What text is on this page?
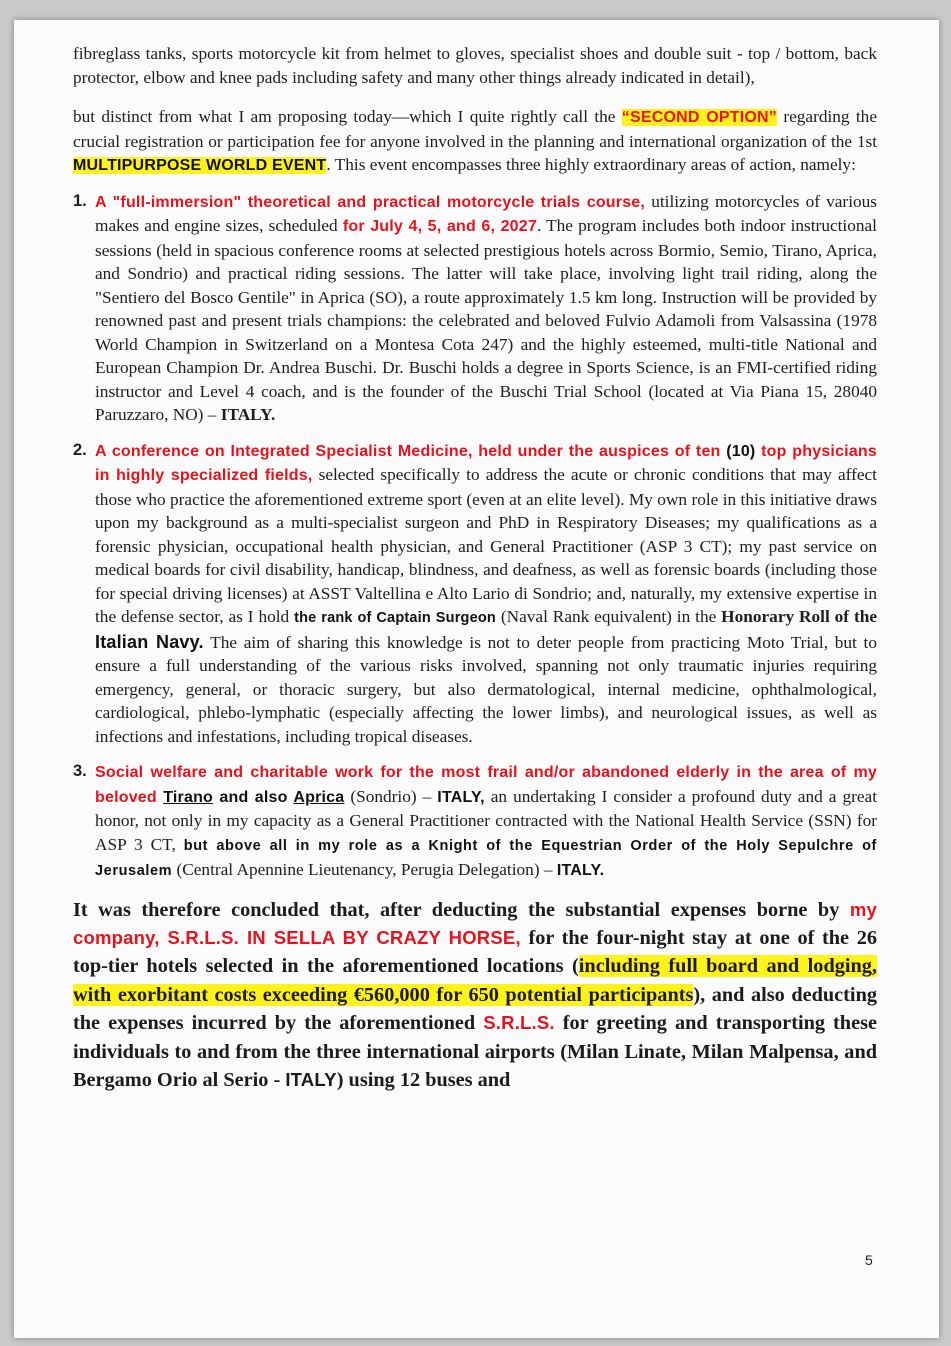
fibreglass tanks, sports motorcycle kit from helmet to gloves, specialist shoes and double suit - top / bottom, back protector, elbow and knee pads including safety and many other things already indicated in detail),

but distinct from what I am proposing today—which I quite rightly call the “SECOND OPTION” regarding the crucial registration or participation fee for anyone involved in the planning and international organization of the 1st MULTIPURPOSE WORLD EVENT. This event encompasses three highly extraordinary areas of action, namely:

1. A "full-immersion" theoretical and practical motorcycle trials course, utilizing motorcycles of various makes and engine sizes, scheduled for July 4, 5, and 6, 2027. The program includes both indoor instructional sessions (held in spacious conference rooms at selected prestigious hotels across Bormio, Semio, Tirano, Aprica, and Sondrio) and practical riding sessions. The latter will take place, involving light trail riding, along the "Sentiero del Bosco Gentile" in Aprica (SO), a route approximately 1.5 km long. Instruction will be provided by renowned past and present trials champions: the celebrated and beloved Fulvio Adamoli from Valsassina (1978 World Champion in Switzerland on a Montesa Cota 247) and the highly esteemed, multi-title National and European Champion Dr. Andrea Buschi. Dr. Buschi holds a degree in Sports Science, is an FMI-certified riding instructor and Level 4 coach, and is the founder of the Buschi Trial School (located at Via Piana 15, 28040 Paruzzaro, NO) – ITALY.
2. A conference on Integrated Specialist Medicine, held under the auspices of ten (10) top physicians in highly specialized fields, selected specifically to address the acute or chronic conditions that may affect those who practice the aforementioned extreme sport (even at an elite level). My own role in this initiative draws upon my background as a multi-specialist surgeon and PhD in Respiratory Diseases; my qualifications as a forensic physician, occupational health physician, and General Practitioner (ASP 3 CT); my past service on medical boards for civil disability, handicap, blindness, and deafness, as well as forensic boards (including those for special driving licenses) at ASST Valtellina e Alto Lario di Sondrio; and, naturally, my extensive expertise in the defense sector, as I hold the rank of Captain Surgeon (Naval Rank equivalent) in the Honorary Roll of the Italian Navy. The aim of sharing this knowledge is not to deter people from practicing Moto Trial, but to ensure a full understanding of the various risks involved, spanning not only traumatic injuries requiring emergency, general, or thoracic surgery, but also dermatological, internal medicine, ophthalmological, cardiological, phlebo-lymphatic (especially affecting the lower limbs), and neurological issues, as well as infections and infestations, including tropical diseases.
3. Social welfare and charitable work for the most frail and/or abandoned elderly in the area of my beloved Tirano and also Aprica (Sondrio) – ITALY, an undertaking I consider a profound duty and a great honor, not only in my capacity as a General Practitioner contracted with the National Health Service (SSN) for ASP 3 CT, but above all in my role as a Knight of the Equestrian Order of the Holy Sepulchre of Jerusalem (Central Apennine Lieutenancy, Perugia Delegation) – ITALY.

It was therefore concluded that, after deducting the substantial expenses borne by my company, S.R.L.S. IN SELLA BY CRAZY HORSE, for the four-night stay at one of the 26 top-tier hotels selected in the aforementioned locations (including full board and lodging, with exorbitant costs exceeding €560,000 for 650 potential participants), and also deducting the expenses incurred by the aforementioned S.R.L.S. for greeting and transporting these individuals to and from the three international airports (Milan Linate, Milan Malpensa, and Bergamo Orio al Serio - ITALY) using 12 buses and

5
